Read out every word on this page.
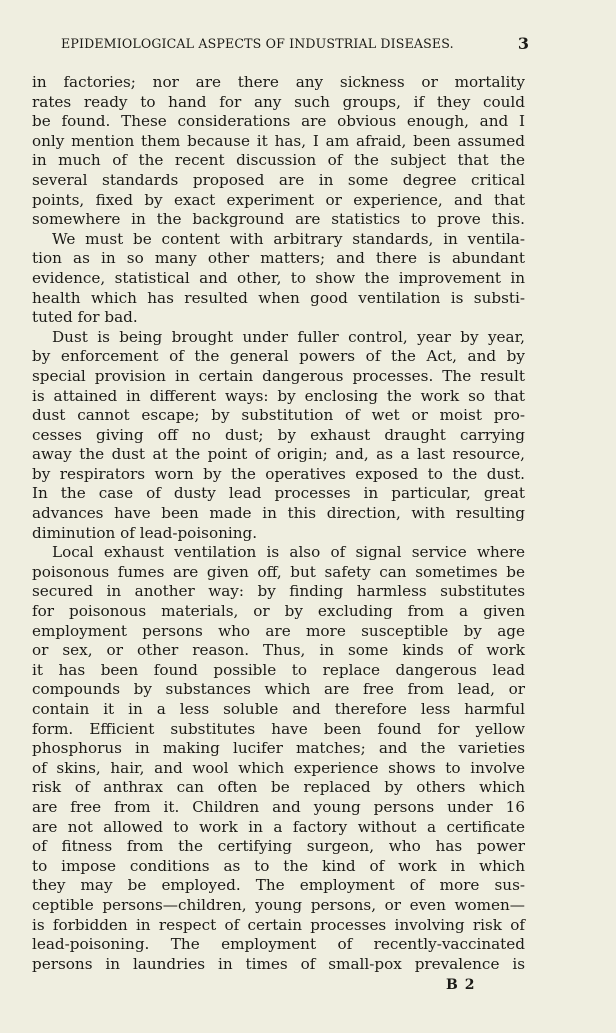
EPIDEMIOLOGICAL ASPECTS OF INDUSTRIAL DISEASES.	3

in factories; nor are there any sickness or mortality
rates ready to hand for any such groups, if they could
be found. These considerations are obvious enough, and I
only mention them because it has, I am afraid, been assumed
in much of the recent discussion of the subject that the
several standards proposed are in some degree critical
points, fixed by exact experiment or experience, and that
somewhere in the background are statistics to prove this.

We must be content with arbitrary standards, in ventila-
tion as in so many other matters; and there is abundant
evidence, statistical and other, to show the improvement in
health which has resulted when good ventilation is substi-
tuted for bad.

Dust is being brought under fuller control, year by year,
by enforcement of the general powers of the Act, and by
special provision in certain dangerous processes. The result
is attained in different ways: by enclosing the work so that
dust cannot escape; by substitution of wet or moist pro-
cesses giving off no dust; by exhaust draught carrying
away the dust at the point of origin; and, as a last resource,
by respirators worn by the operatives exposed to the dust.
In the case of dusty lead processes in particular, great
advances have been made in this direction, with resulting
diminution of lead-poisoning.

Local exhaust ventilation is also of signal service where
poisonous fumes are given off, but safety can sometimes be
secured in another way: by finding harmless substitutes
for poisonous materials, or by excluding from a given
employment persons who are more susceptible by age
or sex, or other reason. Thus, in some kinds of work
it has been found possible to replace dangerous lead
compounds by substances which are free from lead, or
contain it in a less soluble and therefore less harmful
form. Efficient substitutes have been found for yellow
phosphorus in making lucifer matches; and the varieties
of skins, hair, and wool which experience shows to involve
risk of anthrax can often be replaced by others which
are free from it. Children and young persons under 16
are not allowed to work in a factory without a certificate
of fitness from the certifying surgeon, who has power
to impose conditions as to the kind of work in which
they may be employed. The employment of more sus-
ceptible persons—children, young persons, or even women—
is forbidden in respect of certain processes involving risk of
lead-poisoning. The employment of recently-vaccinated
persons in laundries in times of small-pox prevalence is

B 2
